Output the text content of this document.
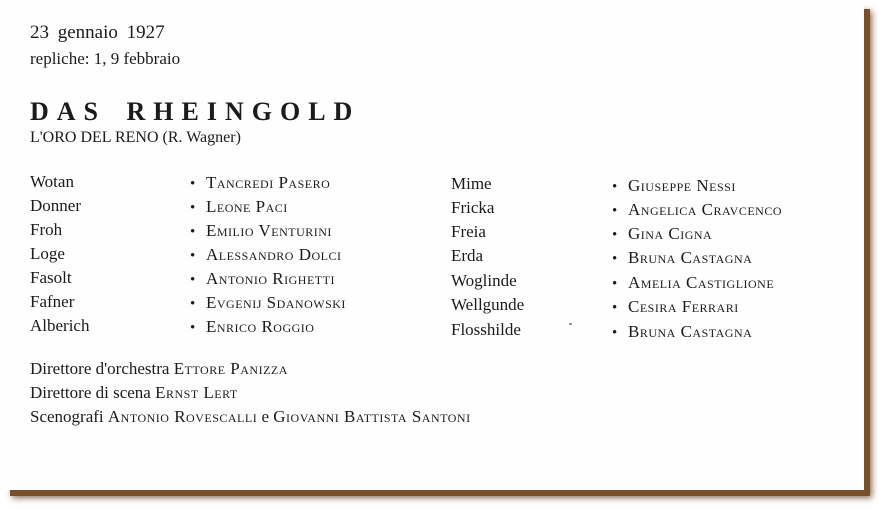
23 gennaio 1927
repliche: 1, 9 febbraio
DAS RHEINGOLD
L'ORO DEL RENO (R. Wagner)
Wotan	• Tancredi Pasero
Donner	• Leone Paci
Froh	• Emilio Venturini
Loge	• Alessandro Dolci
Fasolt	• Antonio Righetti
Fafner	• Evgenij Sdanowski
Alberich	• Enrico Roggio
Mime	• Giuseppe Nessi
Fricka	• Angelica Cravcenco
Freia	• Gina Cigna
Erda	• Bruna Castagna
Woglinde	• Amelia Castiglione
Wellgunde	• Cesira Ferrari
Flosshilde	• Bruna Castagna
Direttore d'orchestra Ettore Panizza
Direttore di scena Ernst Lert
Scenografi Antonio Rovescalli e Giovanni Battista Santoni
